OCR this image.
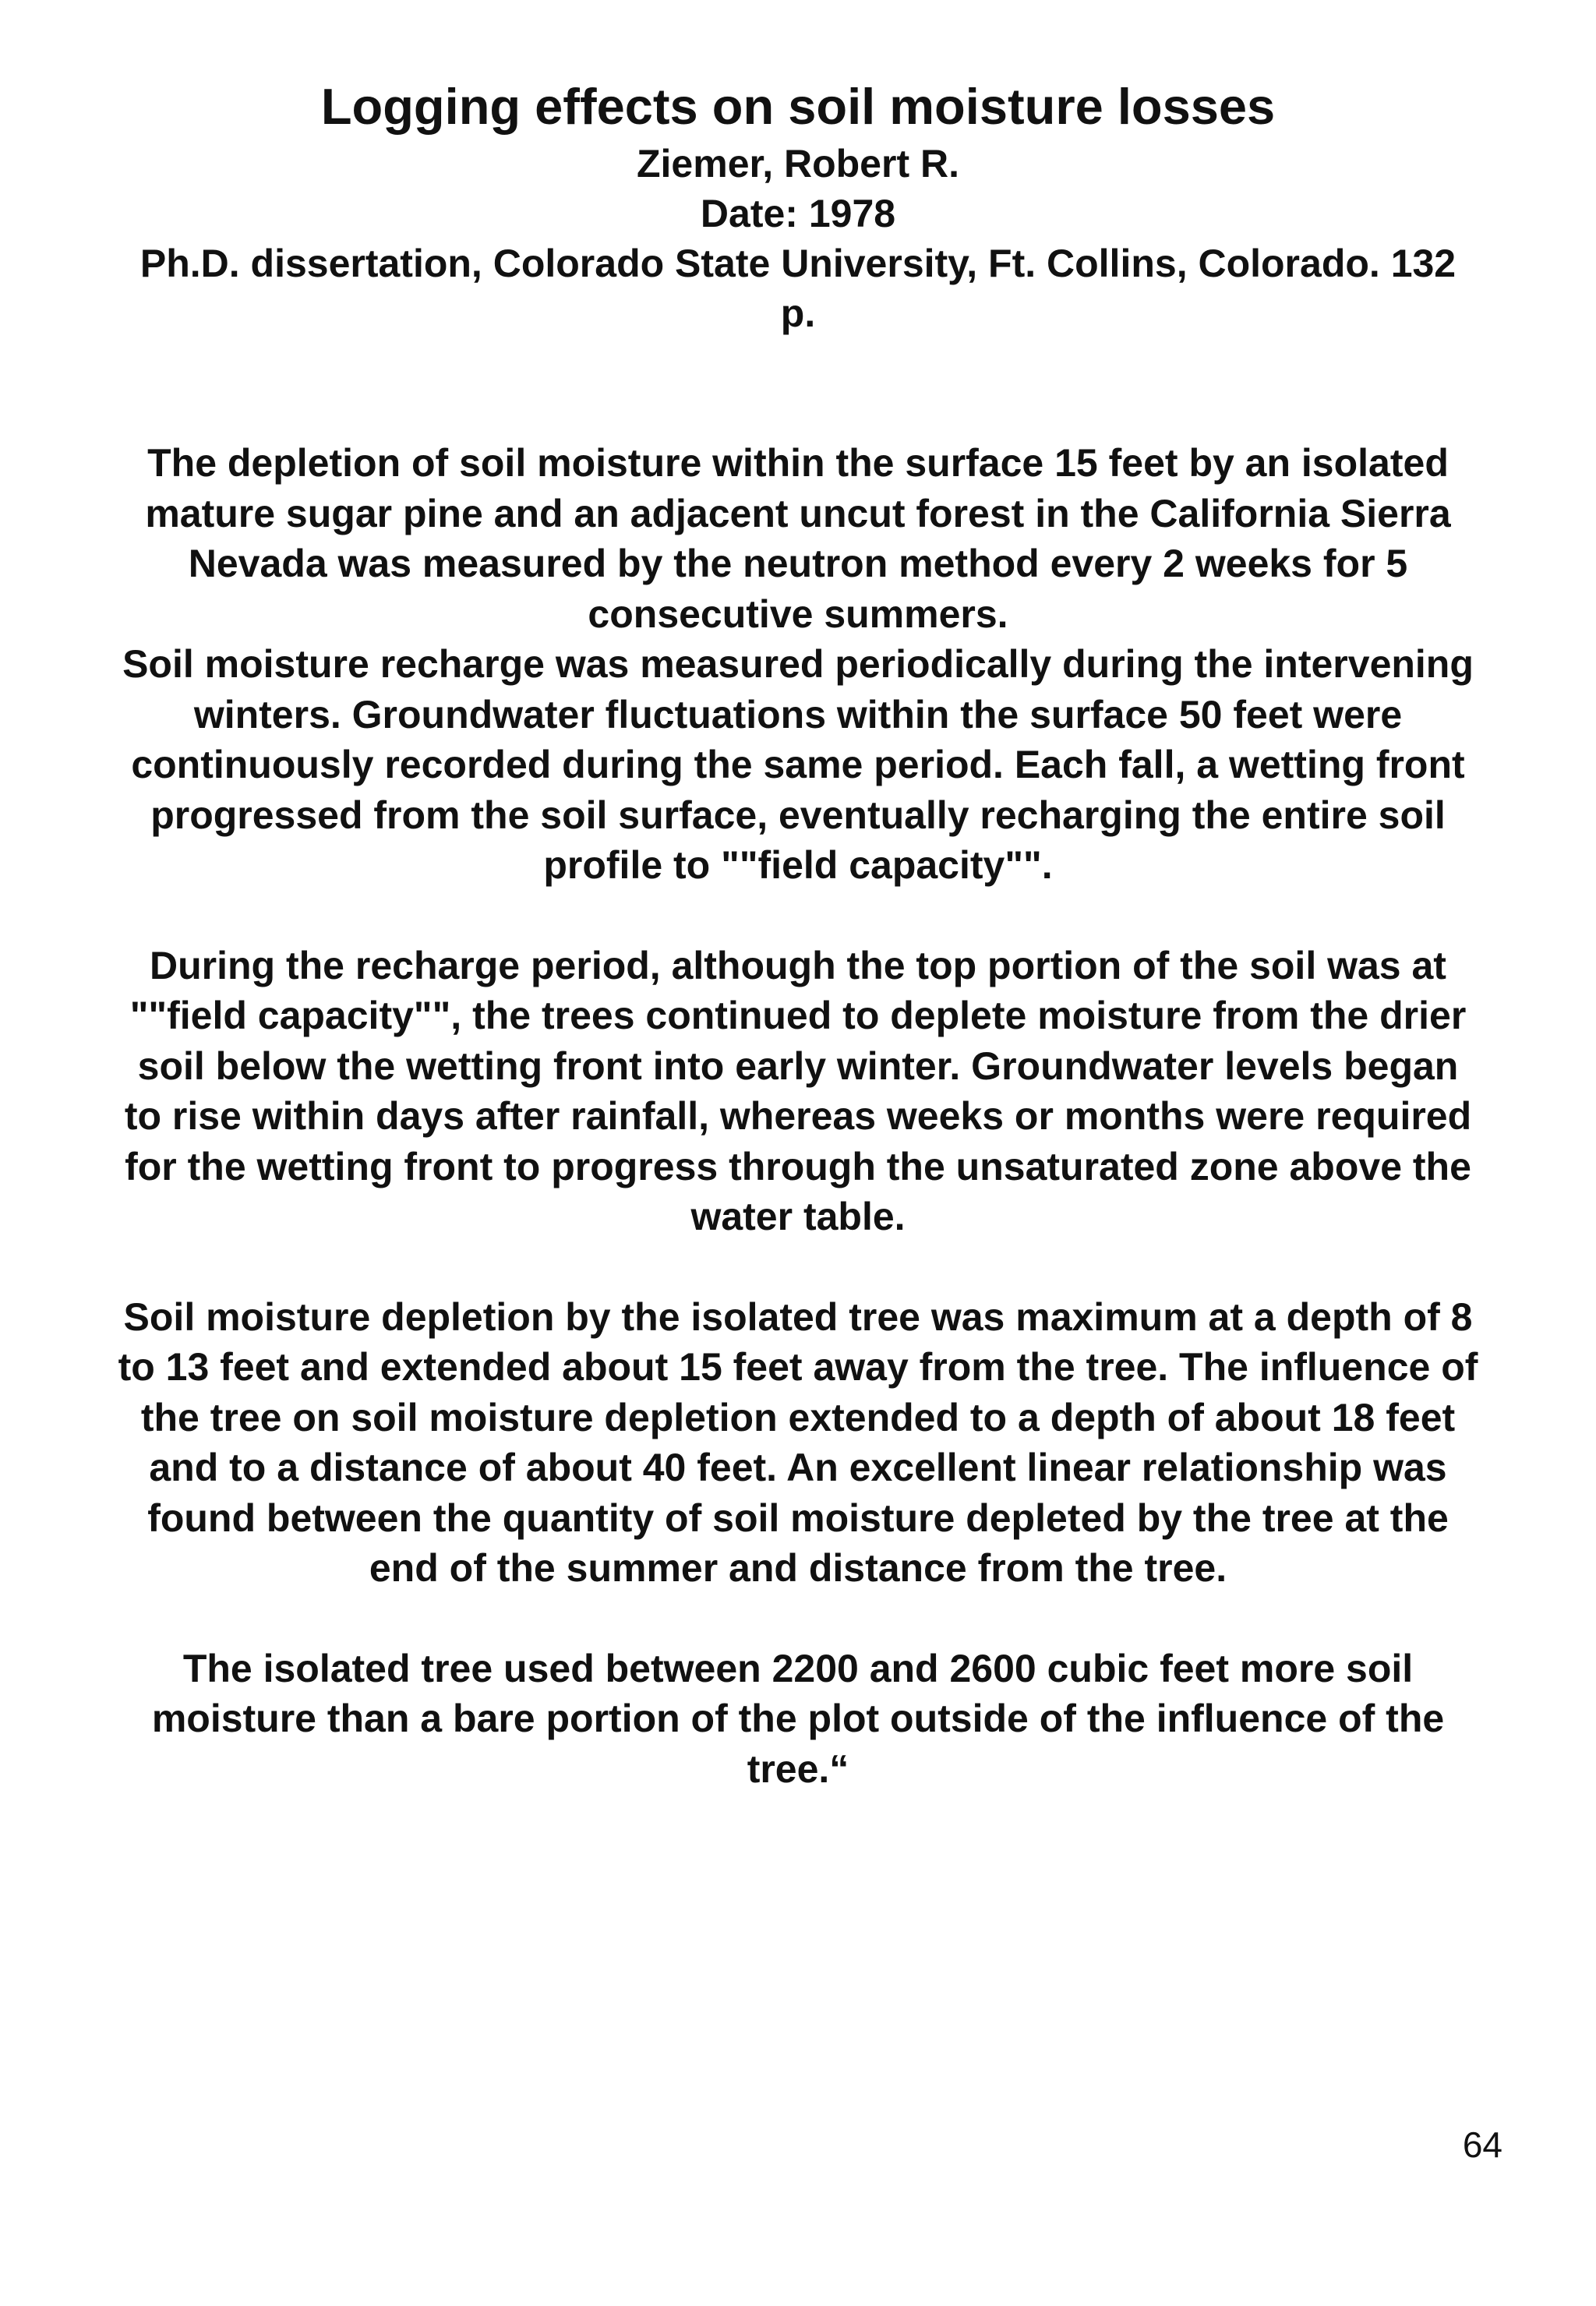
Logging effects on soil moisture losses

Ziemer, Robert R.

Date: 1978

Ph.D. dissertation, Colorado State University, Ft. Collins, Colorado. 132

p.

The depletion of soil moisture within the surface 15 feet by an isolated
mature sugar pine and an adjacent uncut forest in the California Sierra
Nevada was measured by the neutron method every 2 weeks for 5
consecutive summers.

Soil moisture recharge was measured periodically during the intervening
winters. Groundwater fluctuations within the surface 50 feet were
continuously recorded during the same period. Each fall, a wetting front
progressed from the soil surface, eventually recharging the entire soil
profile to ""field capacity"".

During the recharge period, although the top portion of the soil was at
""field capacity"", the trees continued to deplete moisture from the drier
soil below the wetting front into early winter. Groundwater levels began
to rise within days after rainfall, whereas weeks or months were required
for the wetting front to progress through the unsaturated zone above the
water table.

Soil moisture depletion by the isolated tree was maximum at a depth of 8
to 13 feet and extended about 15 feet away from the tree. The influence of
the tree on soil moisture depletion extended to a depth of about 18 feet
and to a distance of about 40 feet. An excellent linear relationship was
found between the quantity of soil moisture depleted by the tree at the
end of the summer and distance from the tree.

The isolated tree used between 2200 and 2600 cubic feet more soil
moisture than a bare portion of the plot outside of the influence of the
tree.“

64
